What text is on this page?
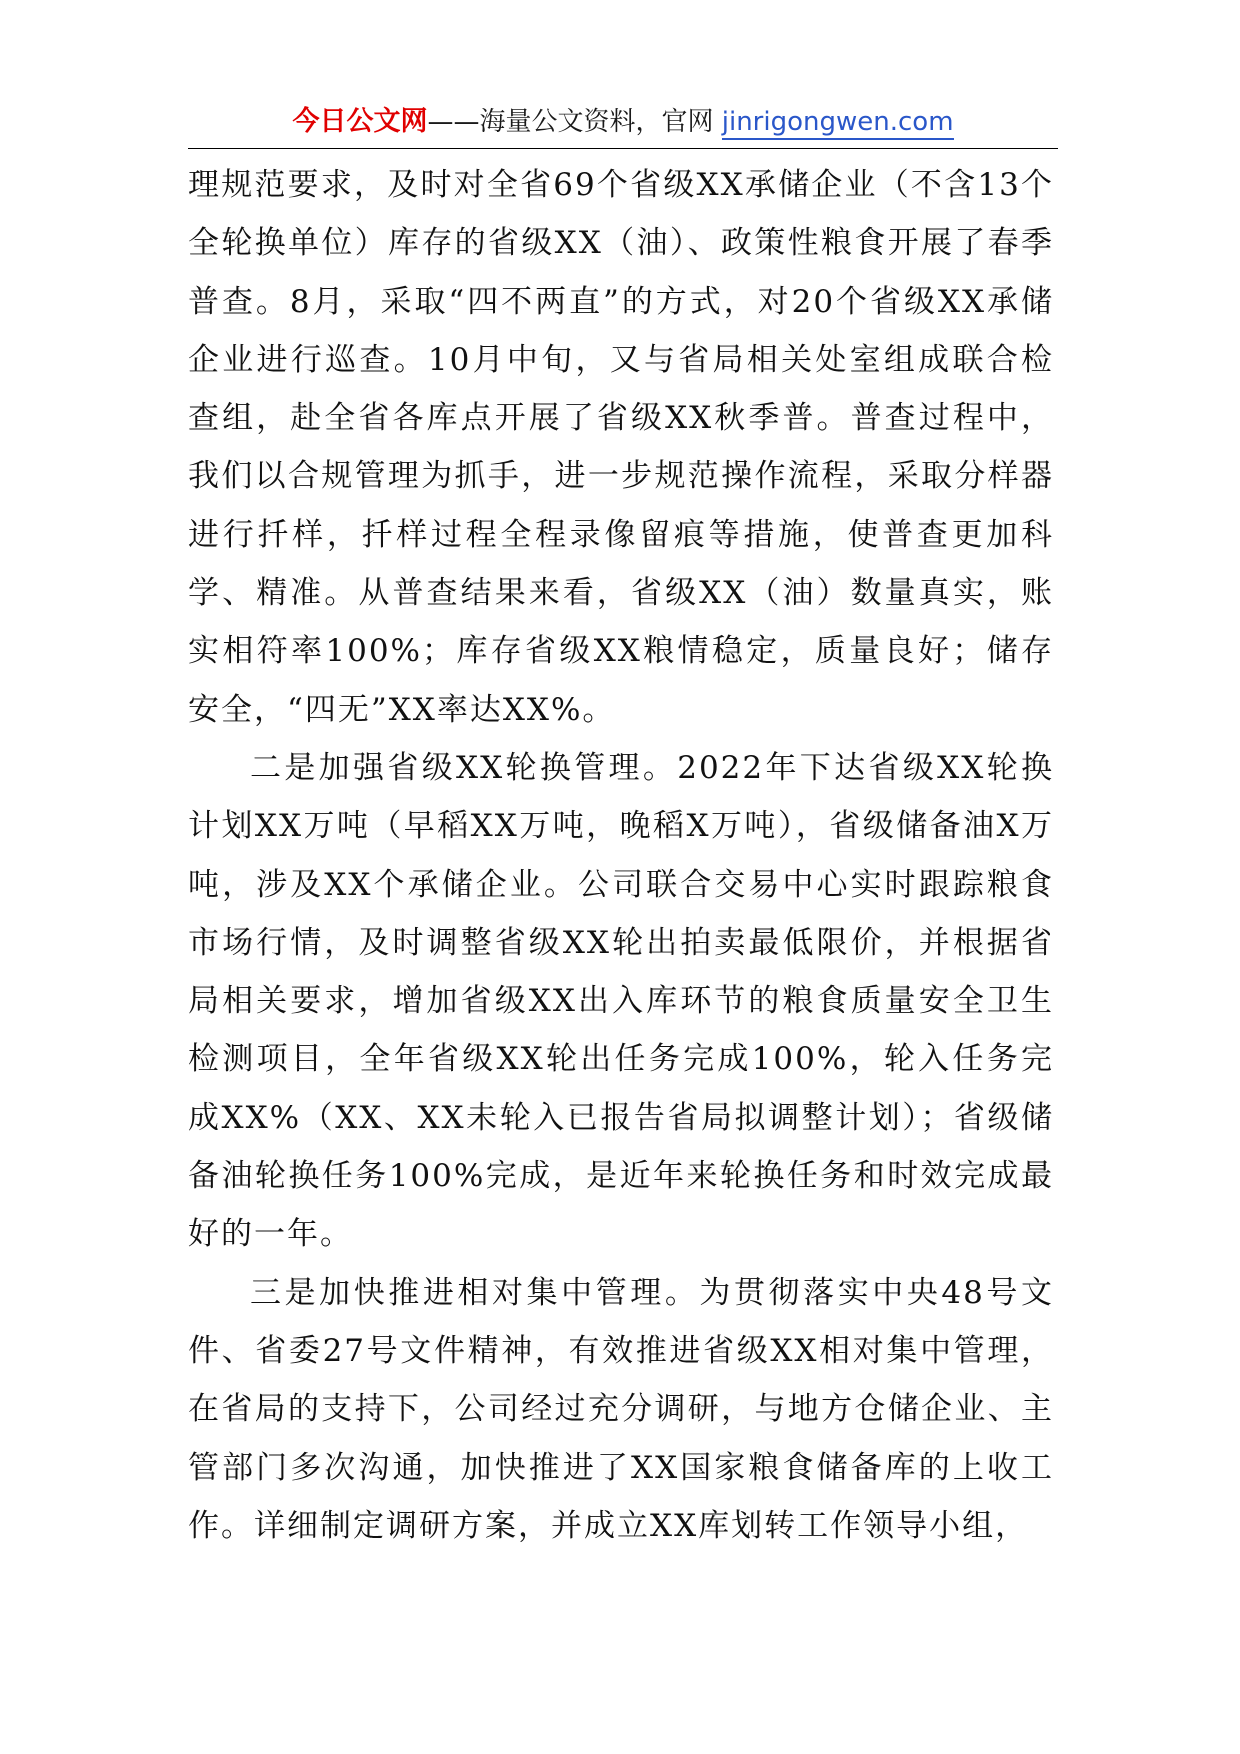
今日公文网——海量公文资料，官网 jinrigongwen.com

理规范要求，及时对全省69个省级XX承储企业（不含13个全轮换单位）库存的省级XX（油）、政策性粮食开展了春季普查。8月，采取“四不两直”的方式，对20个省级XX承储企业进行巡查。10月中旬，又与省局相关处室组成联合检查组，赴全省各库点开展了省级XX秋季普。普查过程中，我们以合规管理为抓手，进一步规范操作流程，采取分样器进行扦样，扦样过程全程录像留痕等措施，使普查更加科学、精准。从普查结果来看，省级XX（油）数量真实，账实相符率100%；库存省级XX粮情稳定，质量良好；储存安全，“四无”XX率达XX%。

二是加强省级XX轮换管理。2022年下达省级XX轮换计划XX万吨（早稻XX万吨，晚稻X万吨），省级储备油X万吨，涉及XX个承储企业。公司联合交易中心实时跟踪粮食市场行情，及时调整省级XX轮出拍卖最低限价，并根据省局相关要求，增加省级XX出入库环节的粮食质量安全卫生检测项目，全年省级XX轮出任务完成100%，轮入任务完成XX%（XX、XX未轮入已报告省局拟调整计划）；省级储备油轮换任务100%完成，是近年来轮换任务和时效完成最好的一年。

三是加快推进相对集中管理。为贯彻落实中央48号文件、省委27号文件精神，有效推进省级XX相对集中管理，在省局的支持下，公司经过充分调研，与地方仓储企业、主管部门多次沟通，加快推进了XX国家粮食储备库的上收工作。详细制定调研方案，并成立XX库划转工作领导小组，
